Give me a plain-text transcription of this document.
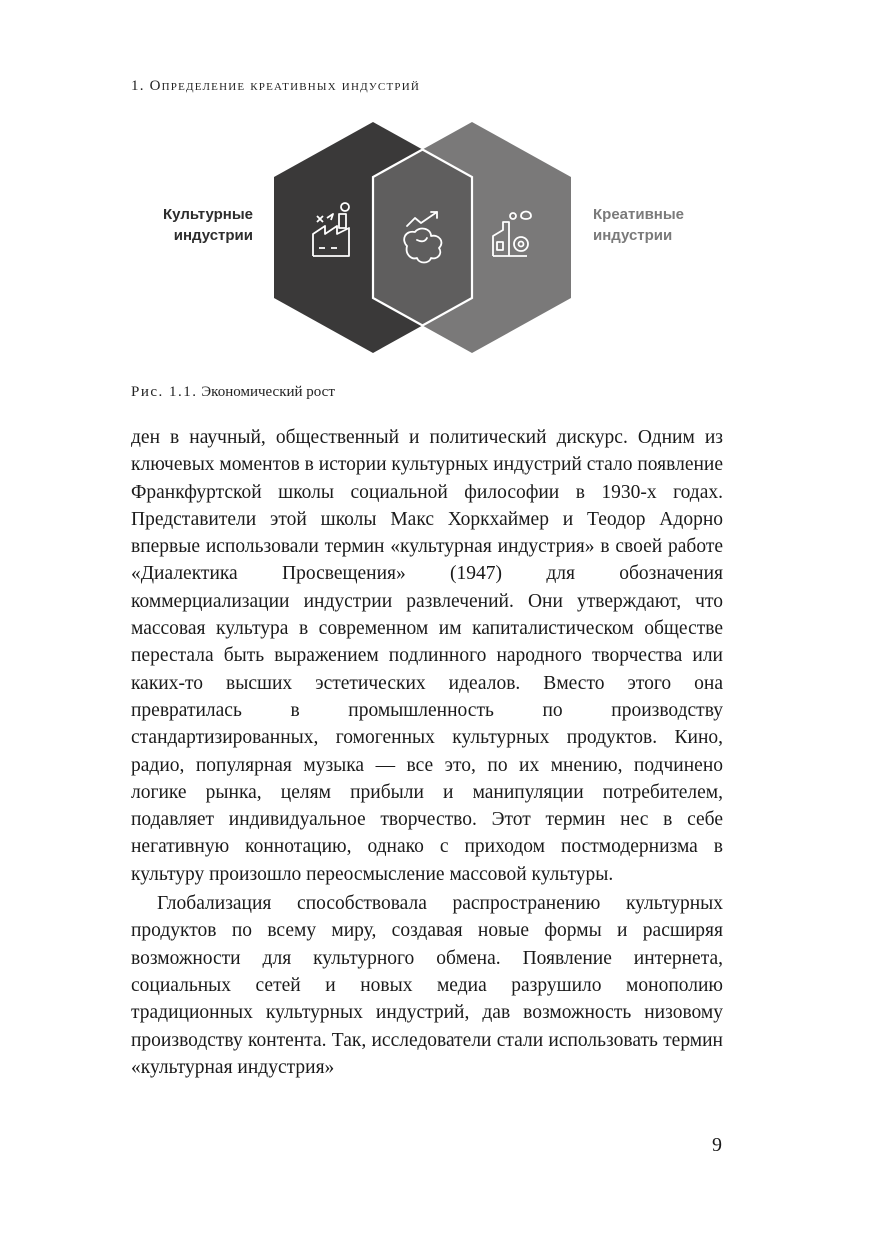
1. Определение креативных индустрий
Культурные
индустрии
Креативные
индустрии
Рис. 1.1. Экономический рост

ден в научный, общественный и политический дискурс. Одним из ключевых моментов в истории культурных индустрий стало появление Франкфуртской школы социальной философии в 1930-х годах. Представители этой школы Макс Хоркхаймер и Теодор Адорно впервые использовали термин «культурная индустрия» в своей работе «Диалектика Просвещения» (1947) для обозначения коммерциализации индустрии развлечений. Они утверждают, что массовая культура в современном им капиталистическом обществе перестала быть выражением подлинного народного творчества или каких-то высших эстетических идеалов. Вместо этого она превратилась в промышленность по производству стандартизированных, гомогенных культурных продуктов. Кино, радио, популярная музыка — все это, по их мнению, подчинено логике рынка, целям прибыли и манипуляции потребителем, подавляет индивидуальное творчество. Этот термин нес в себе негативную коннотацию, однако с приходом постмодернизма в культуру произошло переосмысление массовой культуры.

Глобализация способствовала распространению культурных продуктов по всему миру, создавая новые формы и расширяя возможности для культурного обмена. Появление интернета, социальных сетей и новых медиа разрушило монополию традиционных культурных индустрий, дав возможность низовому производству контента. Так, исследователи стали использовать термин «культурная индустрия»

9
